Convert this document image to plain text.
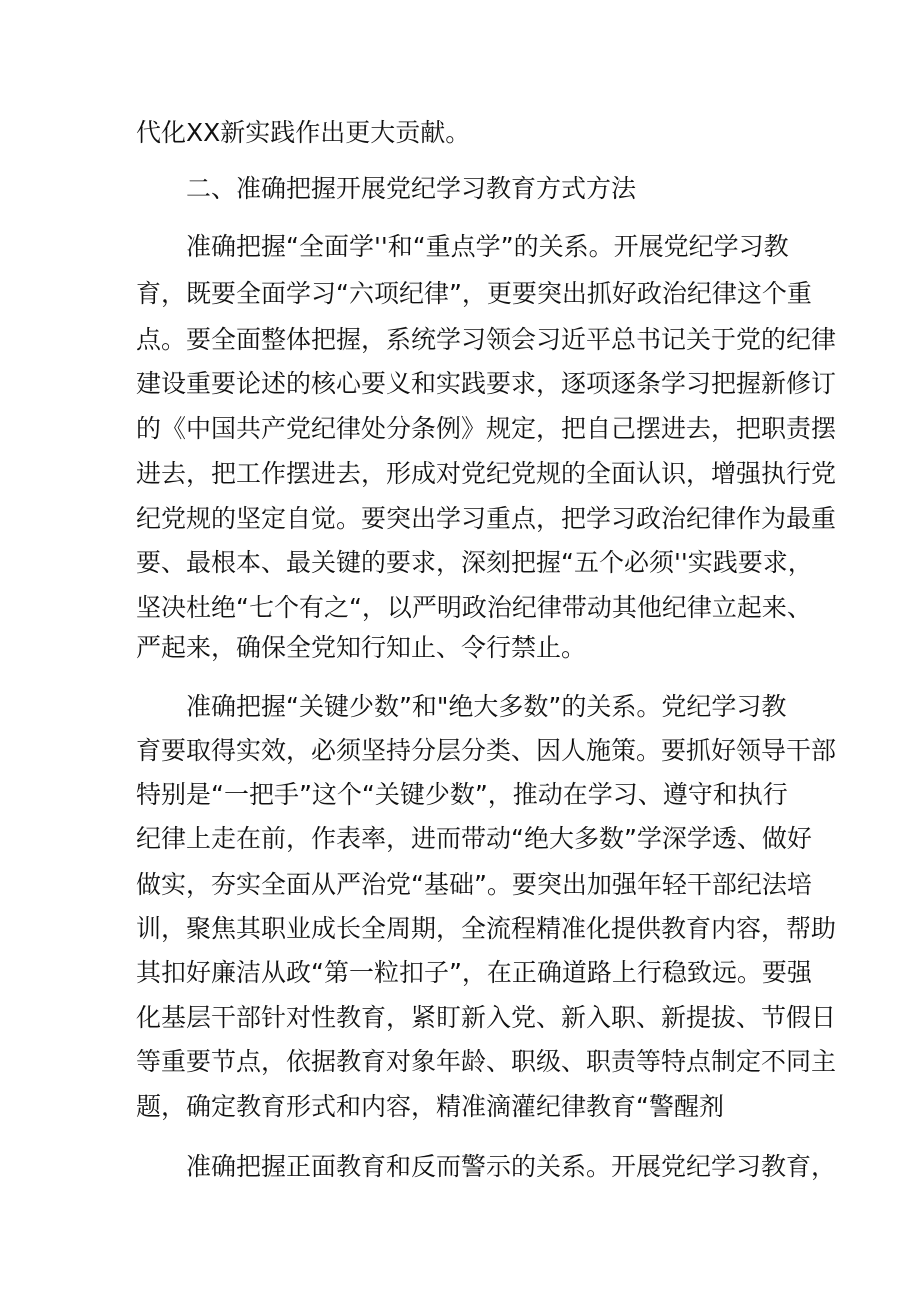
代化XX新实践作出更大贡献。
二、准确把握开展党纪学习教育方式方法
准确把握“全面学''和“重点学”的关系。开展党纪学习教
育，既要全面学习“六项纪律”，更要突出抓好政治纪律这个重
点。要全面整体把握，系统学习领会习近平总书记关于党的纪律
建设重要论述的核心要义和实践要求，逐项逐条学习把握新修订
的《中国共产党纪律处分条例》规定，把自己摆进去，把职责摆
进去，把工作摆进去，形成对党纪党规的全面认识，增强执行党
纪党规的坚定自觉。要突出学习重点，把学习政治纪律作为最重
要、最根本、最关键的要求，深刻把握“五个必须''实践要求，
坚决杜绝“七个有之“，以严明政治纪律带动其他纪律立起来、
严起来，确保全党知行知止、令行禁止。
准确把握“关键少数”和"绝大多数”的关系。党纪学习教
育要取得实效，必须坚持分层分类、因人施策。要抓好领导干部
特别是“一把手”这个“关键少数”，推动在学习、遵守和执行
纪律上走在前，作表率，进而带动“绝大多数”学深学透、做好
做实，夯实全面从严治党“基础”。要突出加强年轻干部纪法培
训，聚焦其职业成长全周期，全流程精准化提供教育内容，帮助
其扣好廉洁从政“第一粒扣子”，在正确道路上行稳致远。要强
化基层干部针对性教育，紧盯新入党、新入职、新提拔、节假日
等重要节点，依据教育对象年龄、职级、职责等特点制定不同主
题，确定教育形式和内容，精准滴灌纪律教育“警醒剂
准确把握正面教育和反而警示的关系。开展党纪学习教育，
